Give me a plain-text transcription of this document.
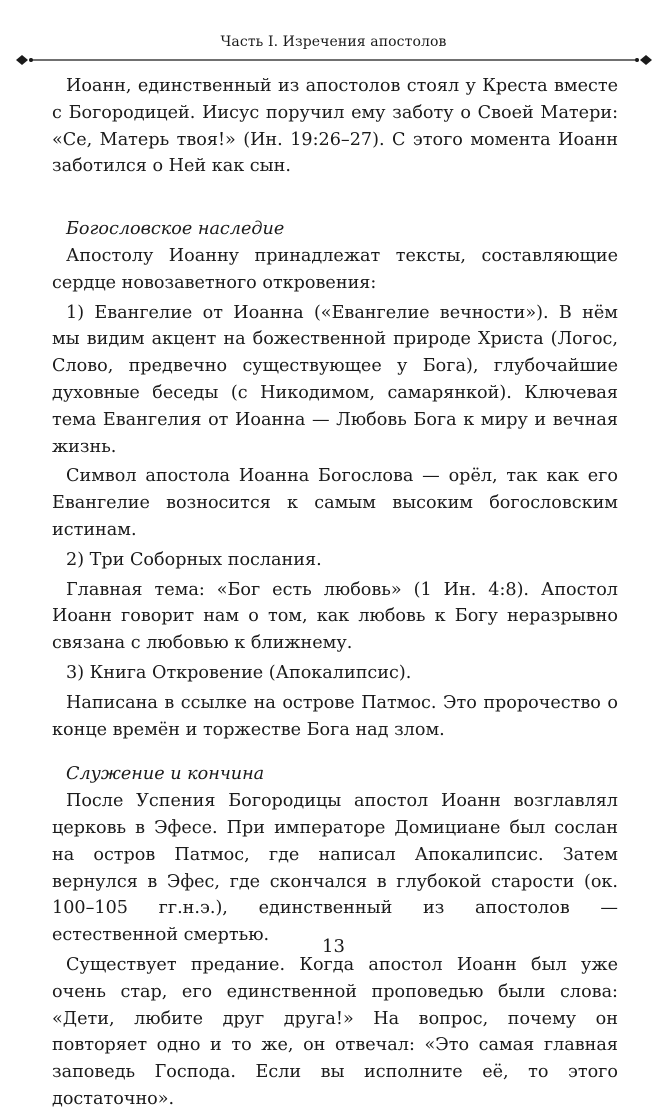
Часть I. Изречения апостолов

Иоанн, единственный из апостолов стоял у Креста вместе с Богородицей. Иисус поручил ему заботу о Своей Матери: «Се, Матерь твоя!» (Ин. 19:26–27). С этого момента Иоанн заботился о Ней как сын.

Богословское наследие

Апостолу Иоанну принадлежат тексты, составляющие сердце новозаветного откровения:

1) Евангелие от Иоанна («Евангелие вечности»). В нём мы видим акцент на божественной природе Христа (Логос, Слово, предвечно существующее у Бога), глубочайшие духовные беседы (с Никодимом, самарянкой). Ключевая тема Евангелия от Иоанна — Любовь Бога к миру и вечная жизнь.

Символ апостола Иоанна Богослова — орёл, так как его Евангелие возносится к самым высоким богословским истинам.

2) Три Соборных послания.

Главная тема: «Бог есть любовь» (1 Ин. 4:8). Апостол Иоанн говорит нам о том, как любовь к Богу неразрывно связана с любовью к ближнему.

3) Книга Откровение (Апокалипсис).

Написана в ссылке на острове Патмос. Это пророчество о конце времён и торжестве Бога над злом.

Служение и кончина

После Успения Богородицы апостол Иоанн возглавлял церковь в Эфесе. При императоре Домициане был сослан на остров Патмос, где написал Апокалипсис. Затем вернулся в Эфес, где скончался в глубокой старости (ок. 100–105 гг.н.э.), единственный из апостолов — естественной смертью.

Существует предание. Когда апостол Иоанн был уже очень стар, его единственной проповедью были слова: «Дети, любите друг друга!» На вопрос, почему он повторяет одно и то же, он отвечал: «Это самая главная заповедь Господа. Если вы исполните её, то этого достаточно».

13
